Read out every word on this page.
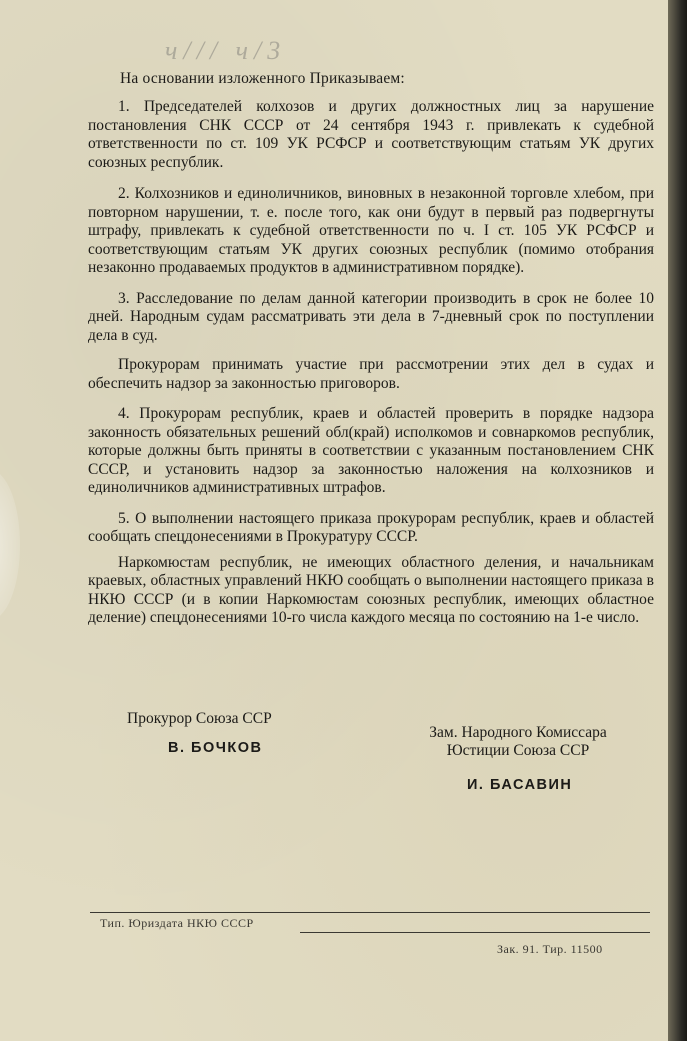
ч/// ч/3
На основании изложенного Приказываем:

1. Председателей колхозов и других должностных лиц за нарушение постановления СНК СССР от 24 сентября 1943 г. привлекать к судебной ответственности по ст. 109 УК РСФСР и соответствующим статьям УК других союзных республик.

2. Колхозников и единоличников, виновных в незаконной торговле хлебом, при повторном нарушении, т. е. после того, как они будут в первый раз подвергнуты штрафу, привлекать к судебной ответственности по ч. I ст. 105 УК РСФСР и соответствующим статьям УК других союзных республик (помимо отобрания незаконно продаваемых продуктов в административном порядке).

3. Расследование по делам данной категории производить в срок не более 10 дней. Народным судам рассматривать эти дела в 7-дневный срок по поступлении дела в суд.

Прокурорам принимать участие при рассмотрении этих дел в судах и обеспечить надзор за законностью приговоров.

4. Прокурорам республик, краев и областей проверить в порядке надзора законность обязательных решений обл(край) исполкомов и совнаркомов республик, которые должны быть приняты в соответствии с указанным постановлением СНК СССР, и установить надзор за законностью наложения на колхозников и единоличников административных штрафов.

5. О выполнении настоящего приказа прокурорам республик, краев и областей сообщать спецдонесениями в Прокуратуру СССР.

Наркомюстам республик, не имеющих областного деления, и начальникам краевых, областных управлений НКЮ сообщать о выполнении настоящего приказа в НКЮ СССР (и в копии Наркомюстам союзных республик, имеющих областное деление) спецдонесениями 10-го числа каждого месяца по состоянию на 1-е число.

Прокурор Союза ССР
В. БОЧКОВ
Зам. Народного Комиссара
Юстиции Союза ССР
И. БАСАВИН
Тип. Юриздата НКЮ СССР
Зак. 91. Тир. 11500
